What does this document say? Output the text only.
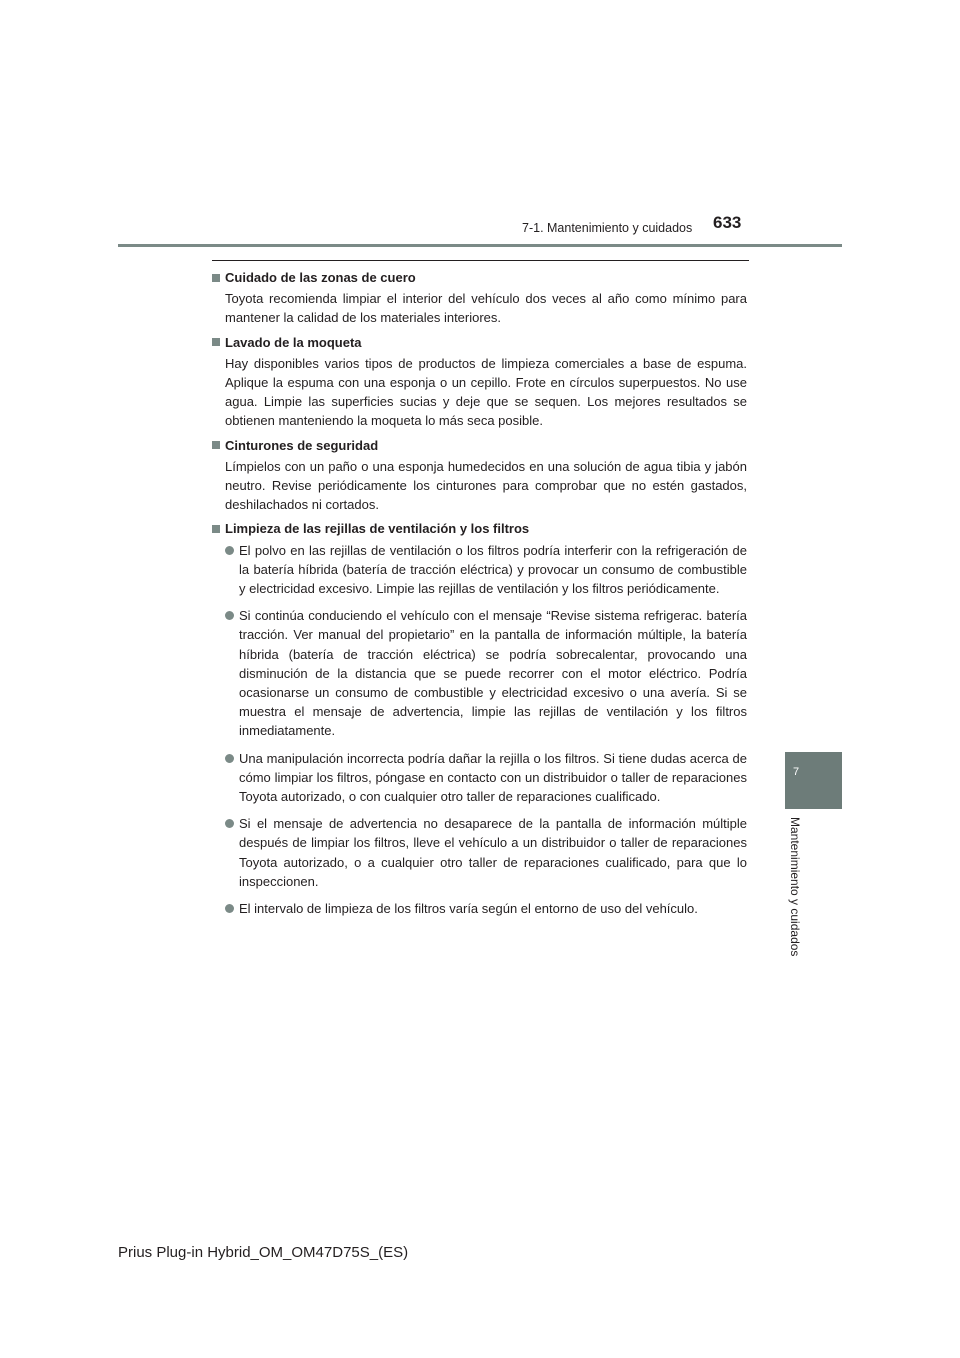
7-1. Mantenimiento y cuidados 633
Cuidado de las zonas de cuero
Toyota recomienda limpiar el interior del vehículo dos veces al año como mínimo para mantener la calidad de los materiales interiores.
Lavado de la moqueta
Hay disponibles varios tipos de productos de limpieza comerciales a base de espuma. Aplique la espuma con una esponja o un cepillo. Frote en círculos superpuestos. No use agua. Limpie las superficies sucias y deje que se sequen. Los mejores resultados se obtienen manteniendo la moqueta lo más seca posible.
Cinturones de seguridad
Límpielos con un paño o una esponja humedecidos en una solución de agua tibia y jabón neutro. Revise periódicamente los cinturones para comprobar que no estén gastados, deshilachados ni cortados.
Limpieza de las rejillas de ventilación y los filtros
El polvo en las rejillas de ventilación o los filtros podría interferir con la refrigeración de la batería híbrida (batería de tracción eléctrica) y provocar un consumo de combustible y electricidad excesivo. Limpie las rejillas de ventilación y los filtros periódicamente.
Si continúa conduciendo el vehículo con el mensaje “Revise sistema refrigerac. batería tracción. Ver manual del propietario” en la pantalla de información múltiple, la batería híbrida (batería de tracción eléctrica) se podría sobrecalentar, provocando una disminución de la distancia que se puede recorrer con el motor eléctrico. Podría ocasionarse un consumo de combustible y electricidad excesivo o una avería. Si se muestra el mensaje de advertencia, limpie las rejillas de ventilación y los filtros inmediatamente.
Una manipulación incorrecta podría dañar la rejilla o los filtros. Si tiene dudas acerca de cómo limpiar los filtros, póngase en contacto con un distribuidor o taller de reparaciones Toyota autorizado, o con cualquier otro taller de reparaciones cualificado.
Si el mensaje de advertencia no desaparece de la pantalla de información múltiple después de limpiar los filtros, lleve el vehículo a un distribuidor o taller de reparaciones Toyota autorizado, o a cualquier otro taller de reparaciones cualificado, para que lo inspeccionen.
El intervalo de limpieza de los filtros varía según el entorno de uso del vehículo.
7
Mantenimiento y cuidados
Prius Plug-in Hybrid_OM_OM47D75S_(ES)
